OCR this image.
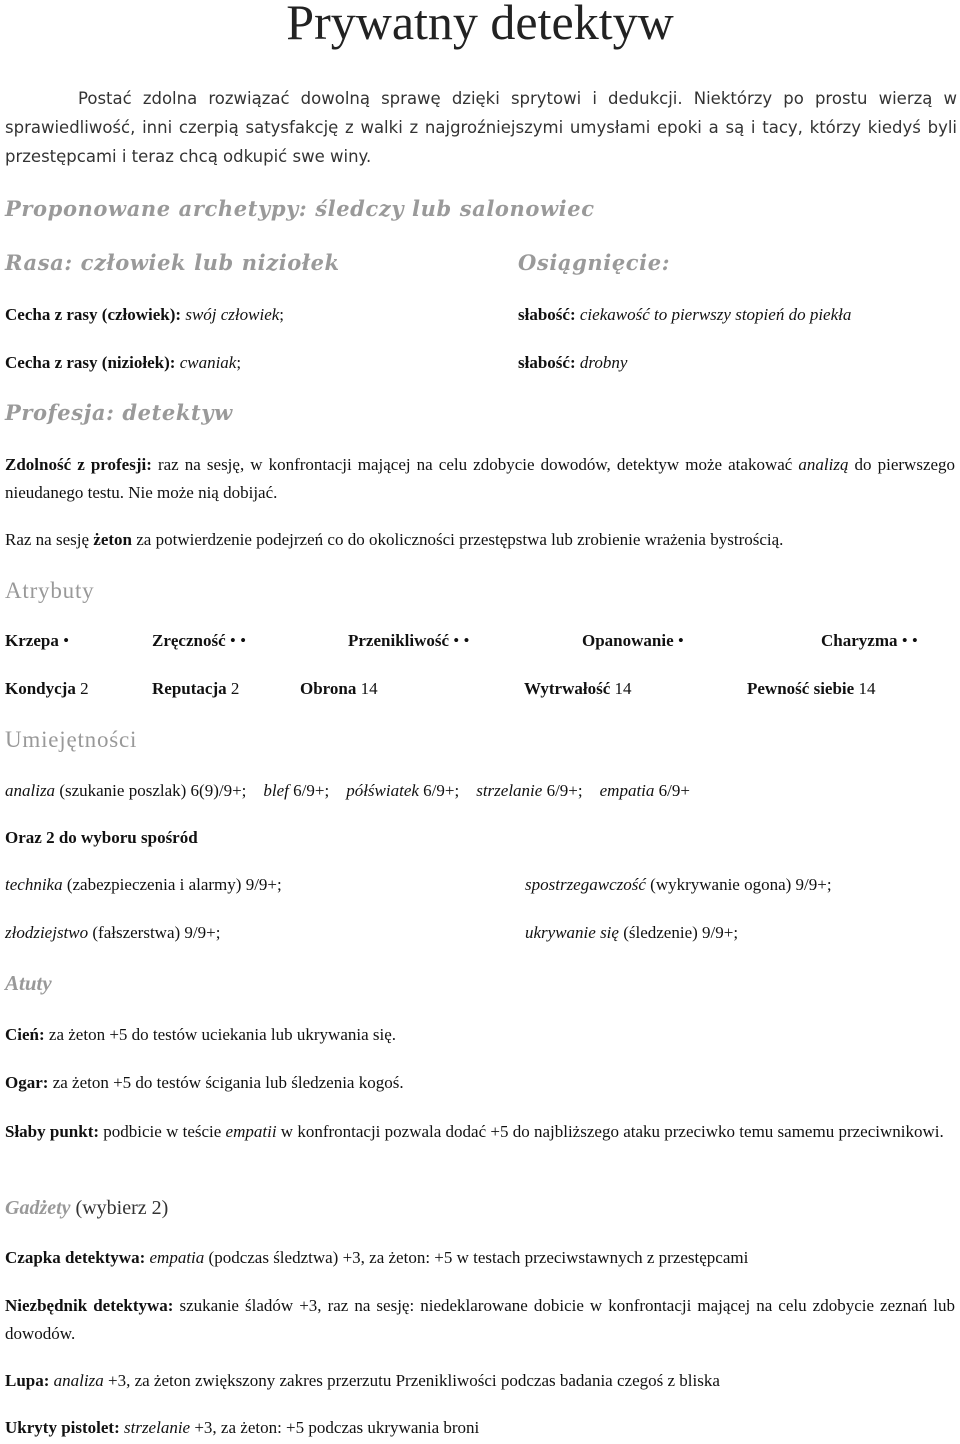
Prywatny detektyw
Postać zdolna rozwiązać dowolną sprawę dzięki sprytowi i dedukcji. Niektórzy po prostu wierzą w sprawiedliwość, inni czerpią satysfakcję z walki z najgroźniejszymi umysłami epoki a są i tacy, którzy kiedyś byli przestępcami i teraz chcą odkupić swe winy.
Proponowane archetypy: śledczy lub salonowiec
Rasa: człowiek lub niziołek
Cecha z rasy (człowiek): swój człowiek;
Cecha z rasy (niziołek): cwaniak;
Osiągnięcie:
słabość: ciekawość to pierwszy stopień do piekła
słabość: drobny
Profesja: detektyw
Zdolność z profesji: raz na sesję, w konfrontacji mającej na celu zdobycie dowodów, detektyw może atakować analizą do pierwszego nieudanego testu. Nie może nią dobijać.
Raz na sesję żeton za potwierdzenie podejrzeń co do okoliczności przestępstwa lub zrobienie wrażenia bystrością.
Atrybuty
Krzepa •	Zręczność • •	Przenikliwość • •	Opanowanie •	Charyzma • •
Kondycja 2	Reputacja 2	Obrona 14	Wytrwałość 14	Pewność siebie 14
Umiejętności
analiza (szukanie poszlak) 6(9)/9+; blef 6/9+; półświatek 6/9+; strzelanie 6/9+; empatia 6/9+
Oraz 2 do wyboru spośród
technika (zabezpieczenia i alarmy) 9/9+;	spostrzegawczość (wykrywanie ogona) 9/9+;
złodziejstwo (fałszerstwa) 9/9+;	ukrywanie się (śledzenie) 9/9+;
Atuty
Cień: za żeton +5 do testów uciekania lub ukrywania się.
Ogar: za żeton +5 do testów ścigania lub śledzenia kogoś.
Słaby punkt: podbicie w teście empatii w konfrontacji pozwala dodać +5 do najbliższego ataku przeciwko temu samemu przeciwnikowi.
Gadżety (wybierz 2)
Czapka detektywa: empatia (podczas śledztwa) +3, za żeton: +5 w testach przeciwstawnych z przestępcami
Niezbędnik detektywa: szukanie śladów +3, raz na sesję: niedeklarowane dobicie w konfrontacji mającej na celu zdobycie zeznań lub dowodów.
Lupa: analiza +3, za żeton zwiększony zakres przerzutu Przenikliwości podczas badania czegoś z bliska
Ukryty pistolet: strzelanie +3, za żeton: +5 podczas ukrywania broni
